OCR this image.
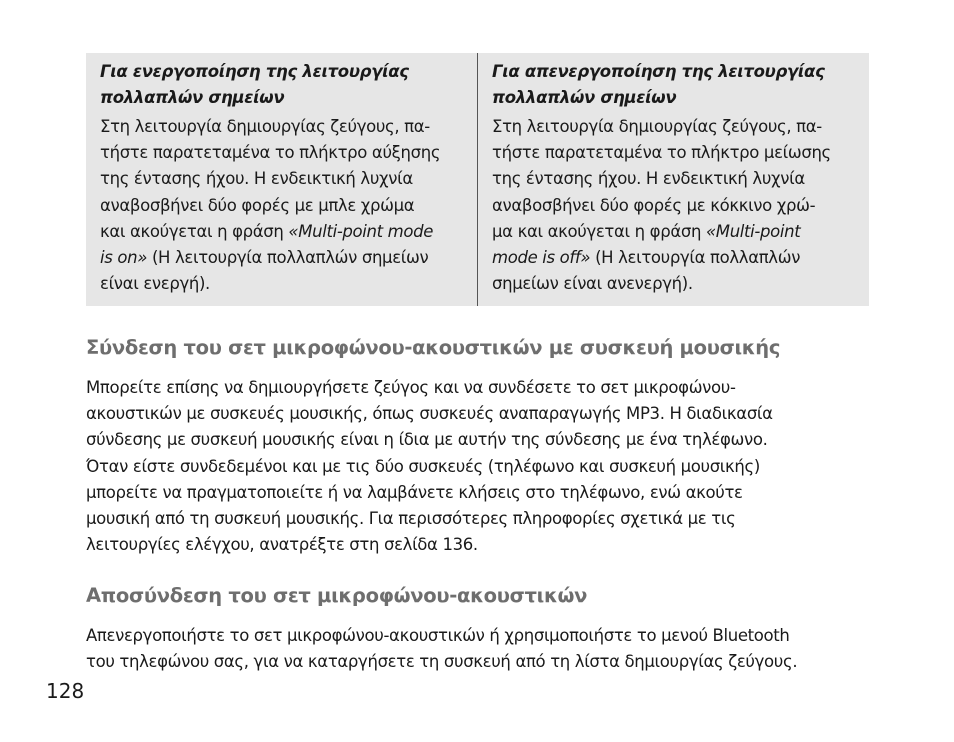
Για ενεργοποίηση της λειτουργίας
πολλαπλών σημείων

Στη λειτουργία δημιουργίας ζεύγους, πα-
τήστε παρατεταμένα το πλήκτρο αύξησης
της έντασης ήχου. Η ενδεικτική λυχνία
αναβοσβήνει δύο φορές με μπλε χρώμα
και ακούγεται η φράση «Multi-point mode
is on» (Η λειτουργία πολλαπλών σημείων
είναι ενεργή).

Για απενεργοποίηση της λειτουργίας
πολλαπλών σημείων

Στη λειτουργία δημιουργίας ζεύγους, πα-
τήστε παρατεταμένα το πλήκτρο μείωσης
της έντασης ήχου. Η ενδεικτική λυχνία
αναβοσβήνει δύο φορές με κόκκινο χρώ-
μα και ακούγεται η φράση «Multi-point
mode is off» (Η λειτουργία πολλαπλών
σημείων είναι ανενεργή).

Σύνδεση του σετ μικροφώνου-ακουστικών με συσκευή μουσικής

Μπορείτε επίσης να δημιουργήσετε ζεύγος και να συνδέσετε το σετ μικροφώνου-
ακουστικών με συσκευές μουσικής, όπως συσκευές αναπαραγωγής MP3. Η διαδικασία
σύνδεσης με συσκευή μουσικής είναι η ίδια με αυτήν της σύνδεσης με ένα τηλέφωνο.
Όταν είστε συνδεδεμένοι και με τις δύο συσκευές (τηλέφωνο και συσκευή μουσικής)
μπορείτε να πραγματοποιείτε ή να λαμβάνετε κλήσεις στο τηλέφωνο, ενώ ακούτε
μουσική από τη συσκευή μουσικής. Για περισσότερες πληροφορίες σχετικά με τις
λειτουργίες ελέγχου, ανατρέξτε στη σελίδα 136.

Αποσύνδεση του σετ μικροφώνου-ακουστικών

Απενεργοποιήστε το σετ μικροφώνου-ακουστικών ή χρησιμοποιήστε το μενού Bluetooth
του τηλεφώνου σας, για να καταργήσετε τη συσκευή από τη λίστα δημιουργίας ζεύγους.

128
